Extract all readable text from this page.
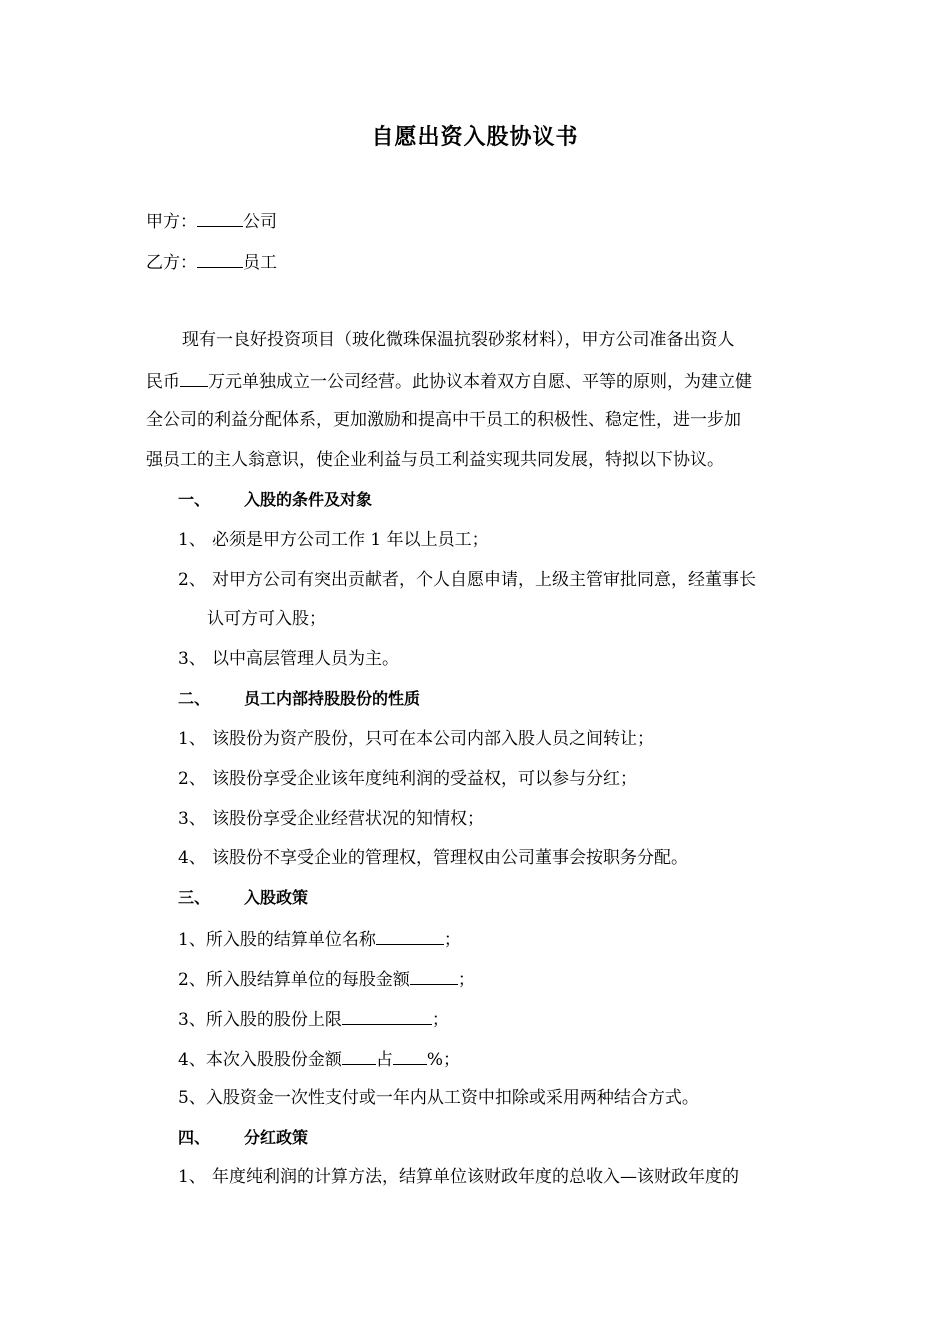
自愿出资入股协议书
甲方：	公司
乙方：	员工
现有一良好投资项目（玻化微珠保温抗裂砂浆材料），甲方公司准备出资人
民币 万元单独成立一公司经营。此协议本着双方自愿、平等的原则，为建立健
全公司的利益分配体系，更加激励和提高中干员工的积极性、稳定性，进一步加
强员工的主人翁意识，使企业利益与员工利益实现共同发展，特拟以下协议。
一、 入股的条件及对象
1、 必须是甲方公司工作 1 年以上员工；
2、 对甲方公司有突出贡献者，个人自愿申请，上级主管审批同意，经董事长
认可方可入股；
3、 以中高层管理人员为主。
二、 员工内部持股股份的性质
1、 该股份为资产股份，只可在本公司内部入股人员之间转让；
2、 该股份享受企业该年度纯利润的受益权，可以参与分红；
3、 该股份享受企业经营状况的知情权；
4、 该股份不享受企业的管理权，管理权由公司董事会按职务分配。
三、 入股政策
1、所入股的结算单位名称	；
2、所入股结算单位的每股金额	；
3、所入股的股份上限	；
4、本次入股股份金额 占 %；
5、入股资金一次性支付或一年内从工资中扣除或采用两种结合方式。
四、 分红政策
1、 年度纯利润的计算方法，结算单位该财政年度的总收入—该财政年度的
